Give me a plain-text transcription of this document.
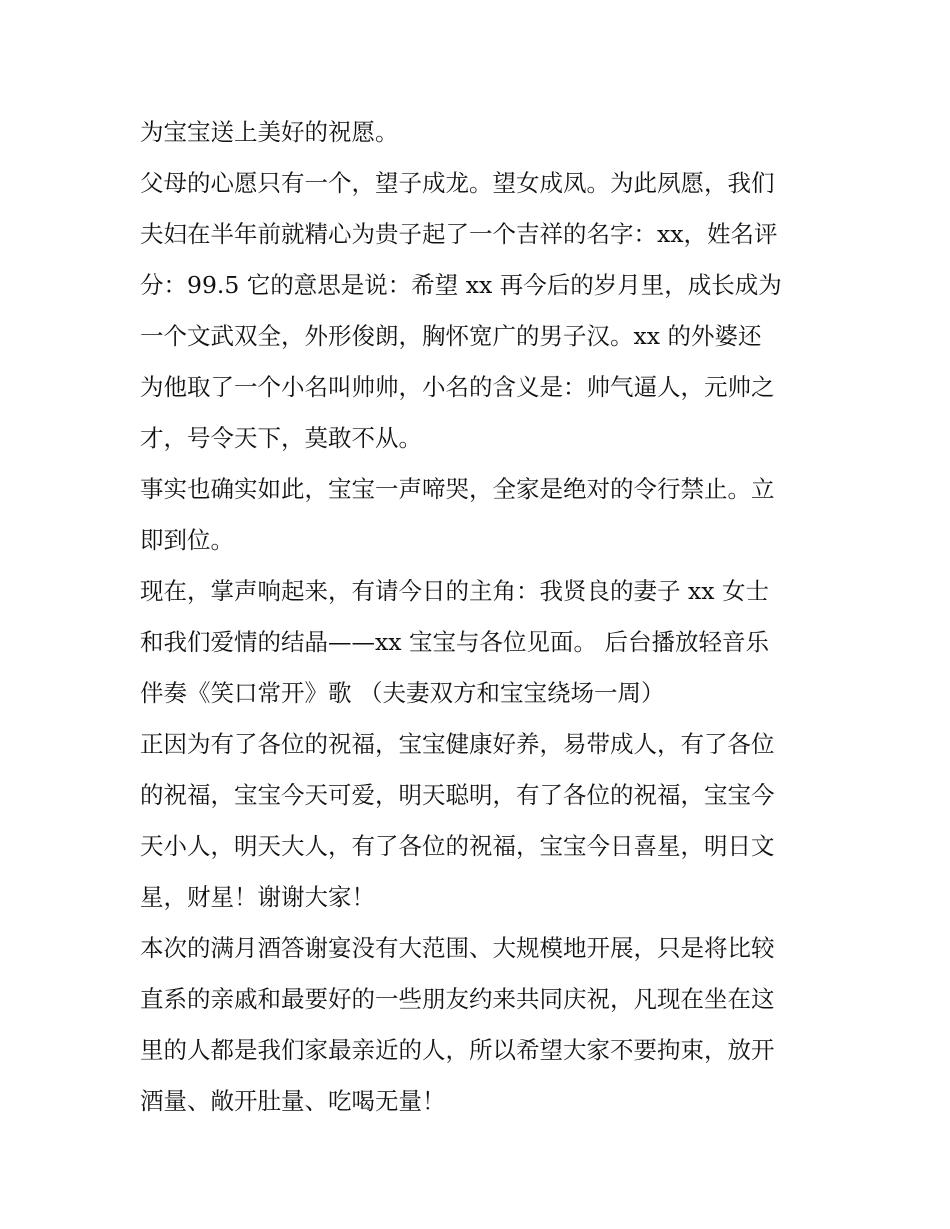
为宝宝送上美好的祝愿。
父母的心愿只有一个，望子成龙。望女成凤。为此夙愿，我们
夫妇在半年前就精心为贵子起了一个吉祥的名字：xx，姓名评
分：99.5 它的意思是说：希望 xx 再今后的岁月里，成长成为
一个文武双全，外形俊朗，胸怀宽广的男子汉。xx 的外婆还
为他取了一个小名叫帅帅，小名的含义是：帅气逼人，元帅之
才，号令天下，莫敢不从。
事实也确实如此，宝宝一声啼哭，全家是绝对的令行禁止。立
即到位。
现在，掌声响起来，有请今日的主角：我贤良的妻子 xx 女士
和我们爱情的结晶——xx 宝宝与各位见面。 后台播放轻音乐
伴奏《笑口常开》歌 （夫妻双方和宝宝绕场一周）
正因为有了各位的祝福，宝宝健康好养，易带成人，有了各位
的祝福，宝宝今天可爱，明天聪明，有了各位的祝福，宝宝今
天小人，明天大人，有了各位的祝福，宝宝今日喜星，明日文
星，财星！谢谢大家！
本次的满月酒答谢宴没有大范围、大规模地开展，只是将比较
直系的亲戚和最要好的一些朋友约来共同庆祝，凡现在坐在这
里的人都是我们家最亲近的人，所以希望大家不要拘束，放开
酒量、敞开肚量、吃喝无量！
